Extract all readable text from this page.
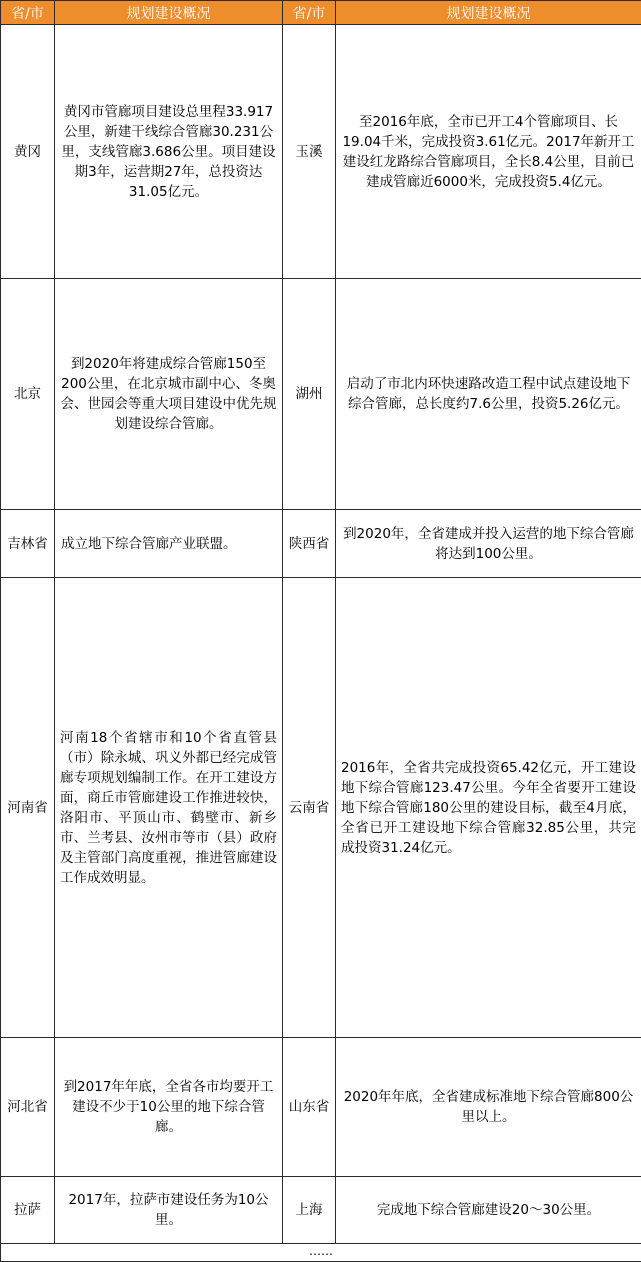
省/市	规划建设概况	省/市	规划建设概况
黄冈	黄冈市管廊项目建设总里程33.917公里，新建干线综合管廊30.231公里，支线管廊3.686公里。项目建设期3年，运营期27年，总投资达31.05亿元。	玉溪	至2016年底，全市已开工4个管廊项目、长19.04千米，完成投资3.61亿元。2017年新开工建设红龙路综合管廊项目，全长8.4公里，目前已建成管廊近6000米，完成投资5.4亿元。
北京	到2020年将建成综合管廊150至200公里，在北京城市副中心、冬奥会、世园会等重大项目建设中优先规划建设综合管廊。	湖州	启动了市北内环快速路改造工程中试点建设地下综合管廊，总长度约7.6公里，投资5.26亿元。
吉林省	成立地下综合管廊产业联盟。	陕西省	到2020年，全省建成并投入运营的地下综合管廊将达到100公里。
河南省	河南18个省辖市和10个省直管县（市）除永城、巩义外都已经完成管廊专项规划编制工作。在开工建设方面，商丘市管廊建设工作推进较快，洛阳市、平顶山市、鹤壁市、新乡市、兰考县、汝州市等市（县）政府及主管部门高度重视，推进管廊建设工作成效明显。	云南省	2016年，全省共完成投资65.42亿元，开工建设地下综合管廊123.47公里。今年全省要开工建设地下综合管廊180公里的建设目标，截至4月底，全省已开工建设地下综合管廊32.85公里，共完成投资31.24亿元。
河北省	到2017年年底，全省各市均要开工建设不少于10公里的地下综合管廊。	山东省	2020年年底，全省建成标准地下综合管廊800公里以上。
拉萨	2017年，拉萨市建设任务为10公里。	上海	完成地下综合管廊建设20～30公里。
……			
